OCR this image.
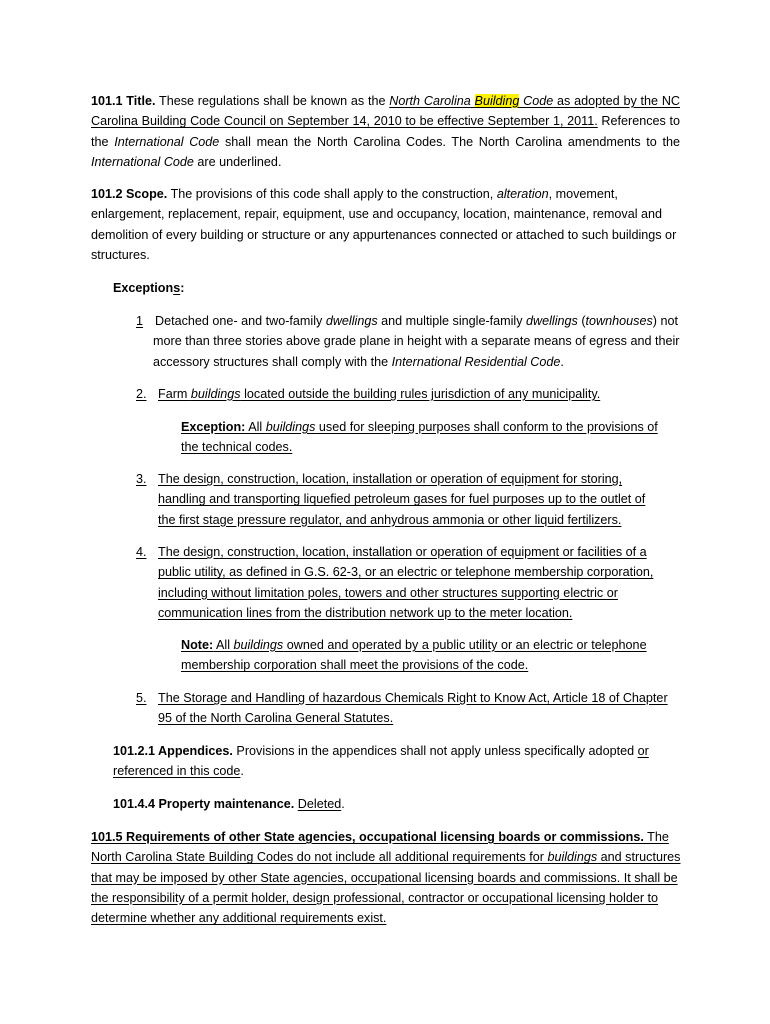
101.1 Title. These regulations shall be known as the North Carolina Building Code as adopted by the NC Carolina Building Code Council on September 14, 2010 to be effective September 1, 2011. References to the International Code shall mean the North Carolina Codes. The North Carolina amendments to the International Code are underlined.

101.2 Scope. The provisions of this code shall apply to the construction, alteration, movement, enlargement, replacement, repair, equipment, use and occupancy, location, maintenance, removal and demolition of every building or structure or any appurtenances connected or attached to such buildings or structures.

Exceptions:

1 Detached one- and two-family dwellings and multiple single-family dwellings (townhouses) not more than three stories above grade plane in height with a separate means of egress and their accessory structures shall comply with the International Residential Code.

2. Farm buildings located outside the building rules jurisdiction of any municipality.

Exception: All buildings used for sleeping purposes shall conform to the provisions of the technical codes.

3. The design, construction, location, installation or operation of equipment for storing, handling and transporting liquefied petroleum gases for fuel purposes up to the outlet of the first stage pressure regulator, and anhydrous ammonia or other liquid fertilizers.

4. The design, construction, location, installation or operation of equipment or facilities of a public utility, as defined in G.S. 62-3, or an electric or telephone membership corporation, including without limitation poles, towers and other structures supporting electric or communication lines from the distribution network up to the meter location.

Note: All buildings owned and operated by a public utility or an electric or telephone membership corporation shall meet the provisions of the code.

5. The Storage and Handling of hazardous Chemicals Right to Know Act, Article 18 of Chapter 95 of the North Carolina General Statutes.

101.2.1 Appendices. Provisions in the appendices shall not apply unless specifically adopted or referenced in this code.

101.4.4 Property maintenance. Deleted.

101.5 Requirements of other State agencies, occupational licensing boards or commissions. The North Carolina State Building Codes do not include all additional requirements for buildings and structures that may be imposed by other State agencies, occupational licensing boards and commissions. It shall be the responsibility of a permit holder, design professional, contractor or occupational licensing holder to determine whether any additional requirements exist.
